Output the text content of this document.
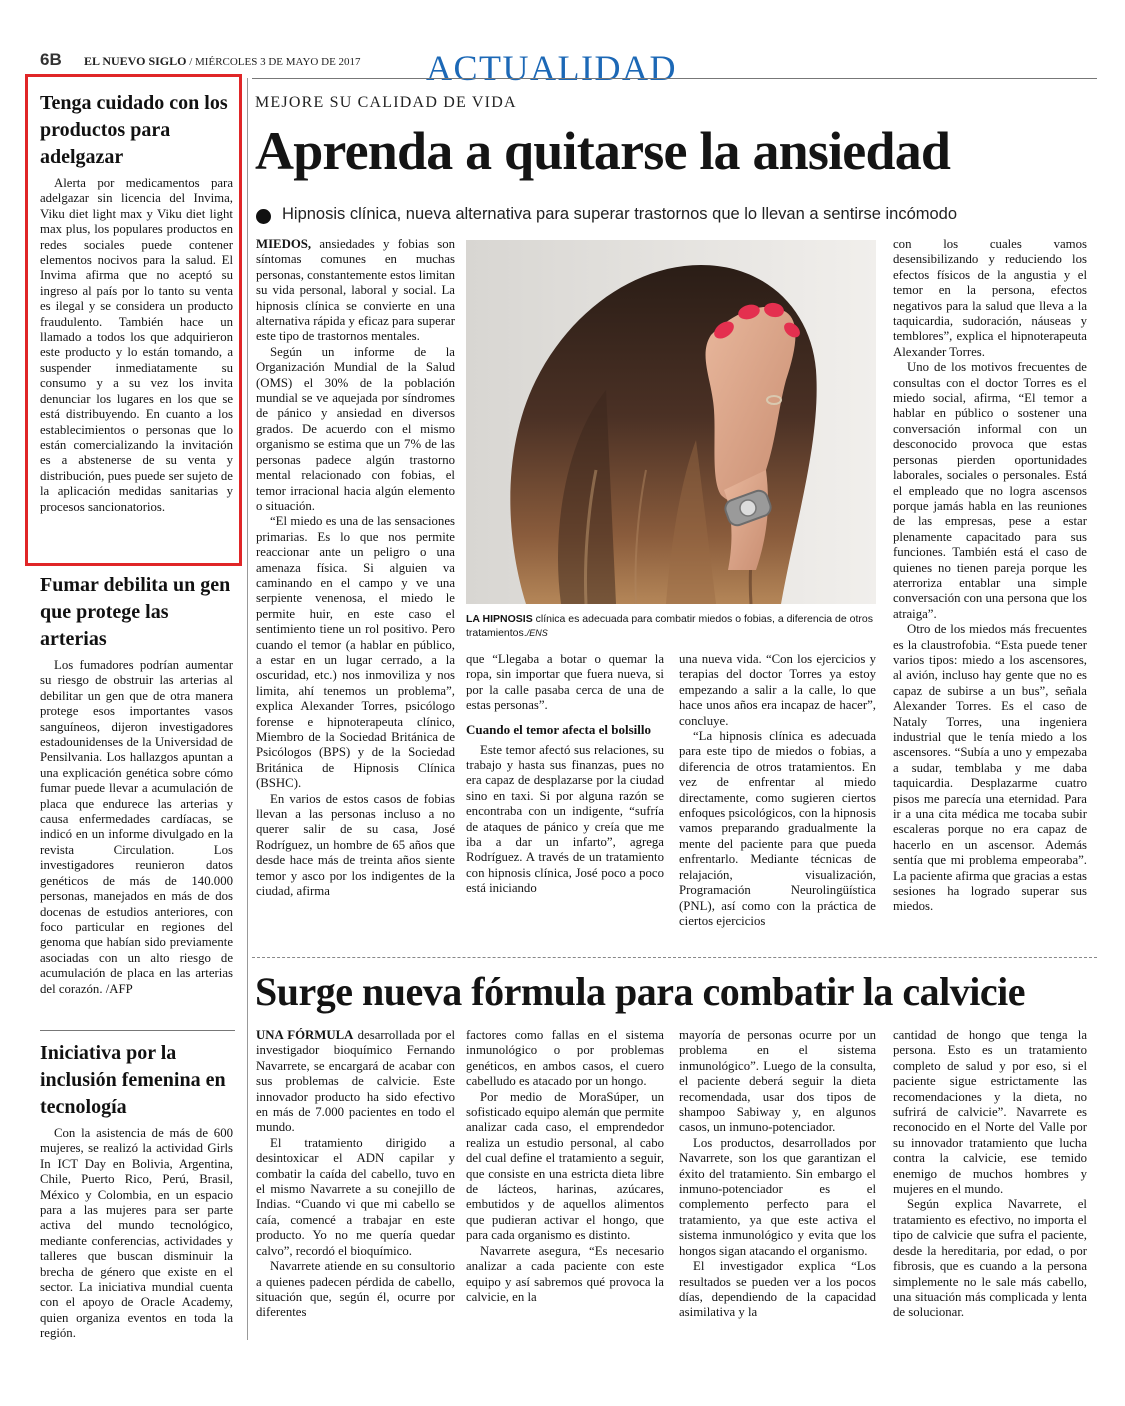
6B EL NUEVO SIGLO / MIÉRCOLES 3 DE MAYO DE 2017 ACTUALIDAD
Tenga cuidado con los productos para adelgazar

Alerta por medicamentos para adelgazar sin licencia del Invima, Viku diet light max y Viku diet light max plus, los populares productos en redes sociales puede contener elementos nocivos para la salud. El Invima afirma que no aceptó su ingreso al país por lo tanto su venta es ilegal y se considera un producto fraudulento. También hace un llamado a todos los que adquirieron este producto y lo están tomando, a suspender inmediatamente su consumo y a su vez los invita denunciar los lugares en los que se está distribuyendo. En cuanto a los establecimientos o personas que lo están comercializando la invitación es a abstenerse de su venta y distribución, pues puede ser sujeto de la aplicación medidas sanitarias y procesos sancionatorios.

Fumar debilita un gen que protege las arterias

Los fumadores podrían aumentar su riesgo de obstruir las arterias al debilitar un gen que de otra manera protege esos importantes vasos sanguíneos, dijeron investigadores estadounidenses de la Universidad de Pensilvania. Los hallazgos apuntan a una explicación genética sobre cómo fumar puede llevar a acumulación de placa que endurece las arterias y causa enfermedades cardíacas, se indicó en un informe divulgado en la revista Circulation. Los investigadores reunieron datos genéticos de más de 140.000 personas, manejados en más de dos docenas de estudios anteriores, con foco particular en regiones del genoma que habían sido previamente asociadas con un alto riesgo de acumulación de placa en las arterias del corazón. /AFP

Iniciativa por la inclusión femenina en tecnología

Con la asistencia de más de 600 mujeres, se realizó la actividad Girls In ICT Day en Bolivia, Argentina, Chile, Puerto Rico, Perú, Brasil, México y Colombia, en un espacio para a las mujeres para ser parte activa del mundo tecnológico, mediante conferencias, actividades y talleres que buscan disminuir la brecha de género que existe en el sector. La iniciativa mundial cuenta con el apoyo de Oracle Academy, quien organiza eventos en toda la región.

MEJORE SU CALIDAD DE VIDA
Aprenda a quitarse la ansiedad
Hipnosis clínica, nueva alternativa para superar trastornos que lo llevan a sentirse incómodo
LA HIPNOSIS clínica es adecuada para combatir miedos o fobias, a diferencia de otros tratamientos./ENS

MIEDOS, ansiedades y fobias son síntomas comunes en muchas personas, constantemente estos limitan su vida personal, laboral y social. La hipnosis clínica se convierte en una alternativa rápida y eficaz para superar este tipo de trastornos mentales.

Según un informe de la Organización Mundial de la Salud (OMS) el 30% de la población mundial se ve aquejada por síndromes de pánico y ansiedad en diversos grados. De acuerdo con el mismo organismo se estima que un 7% de las personas padece algún trastorno mental relacionado con fobias, el temor irracional hacia algún elemento o situación.

“El miedo es una de las sensaciones primarias. Es lo que nos permite reaccionar ante un peligro o una amenaza física. Si alguien va caminando en el campo y ve una serpiente venenosa, el miedo le permite huir, en este caso el sentimiento tiene un rol positivo. Pero cuando el temor (a hablar en público, a estar en un lugar cerrado, a la oscuridad, etc.) nos inmoviliza y nos limita, ahí tenemos un problema”, explica Alexander Torres, psicólogo forense e hipnoterapeuta clínico, Miembro de la Sociedad Británica de Psicólogos (BPS) y de la Sociedad Británica de Hipnosis Clínica (BSHC).

En varios de estos casos de fobias llevan a las personas incluso a no querer salir de su casa, José Rodríguez, un hombre de 65 años que desde hace más de treinta años siente temor y asco por los indigentes de la ciudad, afirma

que “Llegaba a botar o quemar la ropa, sin importar que fuera nueva, si por la calle pasaba cerca de una de estas personas”.

Cuando el temor afecta el bolsillo

Este temor afectó sus relaciones, su trabajo y hasta sus finanzas, pues no era capaz de desplazarse por la ciudad sino en taxi. Si por alguna razón se encontraba con un indigente, “sufría de ataques de pánico y creía que me iba a dar un infarto”, agrega Rodríguez. A través de un tratamiento con hipnosis clínica, José poco a poco está iniciando

una nueva vida. “Con los ejercicios y terapias del doctor Torres ya estoy empezando a salir a la calle, lo que hace unos años era incapaz de hacer”, concluye.

“La hipnosis clínica es adecuada para este tipo de miedos o fobias, a diferencia de otros tratamientos. En vez de enfrentar al miedo directamente, como sugieren ciertos enfoques psicológicos, con la hipnosis vamos preparando gradualmente la mente del paciente para que pueda enfrentarlo. Mediante técnicas de relajación, visualización, Programación Neurolingüística (PNL), así como con la práctica de ciertos ejercicios

con los cuales vamos desensibilizando y reduciendo los efectos físicos de la angustia y el temor en la persona, efectos negativos para la salud que lleva a la taquicardia, sudoración, náuseas y temblores”, explica el hipnoterapeuta Alexander Torres.

Uno de los motivos frecuentes de consultas con el doctor Torres es el miedo social, afirma, “El temor a hablar en público o sostener una conversación informal con un desconocido provoca que estas personas pierden oportunidades laborales, sociales o personales. Está el empleado que no logra ascensos porque jamás habla en las reuniones de las empresas, pese a estar plenamente capacitado para sus funciones. También está el caso de quienes no tienen pareja porque les aterroriza entablar una simple conversación con una persona que los atraiga”.

Otro de los miedos más frecuentes es la claustrofobia. “Esta puede tener varios tipos: miedo a los ascensores, al avión, incluso hay gente que no es capaz de subirse a un bus”, señala Alexander Torres. Es el caso de Nataly Torres, una ingeniera industrial que le tenía miedo a los ascensores. “Subía a uno y empezaba a sudar, temblaba y me daba taquicardia. Desplazarme cuatro pisos me parecía una eternidad. Para ir a una cita médica me tocaba subir escaleras porque no era capaz de hacerlo en un ascensor. Además sentía que mi problema empeoraba”. La paciente afirma que gracias a estas sesiones ha logrado superar sus miedos.

Surge nueva fórmula para combatir la calvicie

UNA FÓRMULA desarrollada por el investigador bioquímico Fernando Navarrete, se encargará de acabar con sus problemas de calvicie. Este innovador producto ha sido efectivo en más de 7.000 pacientes en todo el mundo.

El tratamiento dirigido a desintoxicar el ADN capilar y combatir la caída del cabello, tuvo en el mismo Navarrete a su conejillo de Indias. “Cuando vi que mi cabello se caía, comencé a trabajar en este producto. Yo no me quería quedar calvo”, recordó el bioquímico.

Navarrete atiende en su consultorio a quienes padecen pérdida de cabello, situación que, según él, ocurre por diferentes

factores como fallas en el sistema inmunológico o por problemas genéticos, en ambos casos, el cuero cabelludo es atacado por un hongo.

Por medio de MoraSúper, un sofisticado equipo alemán que permite analizar cada caso, el emprendedor realiza un estudio personal, al cabo del cual define el tratamiento a seguir, que consiste en una estricta dieta libre de lácteos, harinas, azúcares, embutidos y de aquellos alimentos que pudieran activar el hongo, que para cada organismo es distinto.

Navarrete asegura, “Es necesario analizar a cada paciente con este equipo y así sabremos qué provoca la calvicie, en la

mayoría de personas ocurre por un problema en el sistema inmunológico”. Luego de la consulta, el paciente deberá seguir la dieta recomendada, usar dos tipos de shampoo Sabiway y, en algunos casos, un inmuno-potenciador.

Los productos, desarrollados por Navarrete, son los que garantizan el éxito del tratamiento. Sin embargo el inmuno-potenciador es el complemento perfecto para el tratamiento, ya que este activa el sistema inmunológico y evita que los hongos sigan atacando el organismo.

El investigador explica “Los resultados se pueden ver a los pocos días, dependiendo de la capacidad asimilativa y la

cantidad de hongo que tenga la persona. Esto es un tratamiento completo de salud y por eso, si el paciente sigue estrictamente las recomendaciones y la dieta, no sufrirá de calvicie”. Navarrete es reconocido en el Norte del Valle por su innovador tratamiento que lucha contra la calvicie, ese temido enemigo de muchos hombres y mujeres en el mundo.

Según explica Navarrete, el tratamiento es efectivo, no importa el tipo de calvicie que sufra el paciente, desde la hereditaria, por edad, o por fibrosis, que es cuando a la persona simplemente no le sale más cabello, una situación más complicada y lenta de solucionar.
